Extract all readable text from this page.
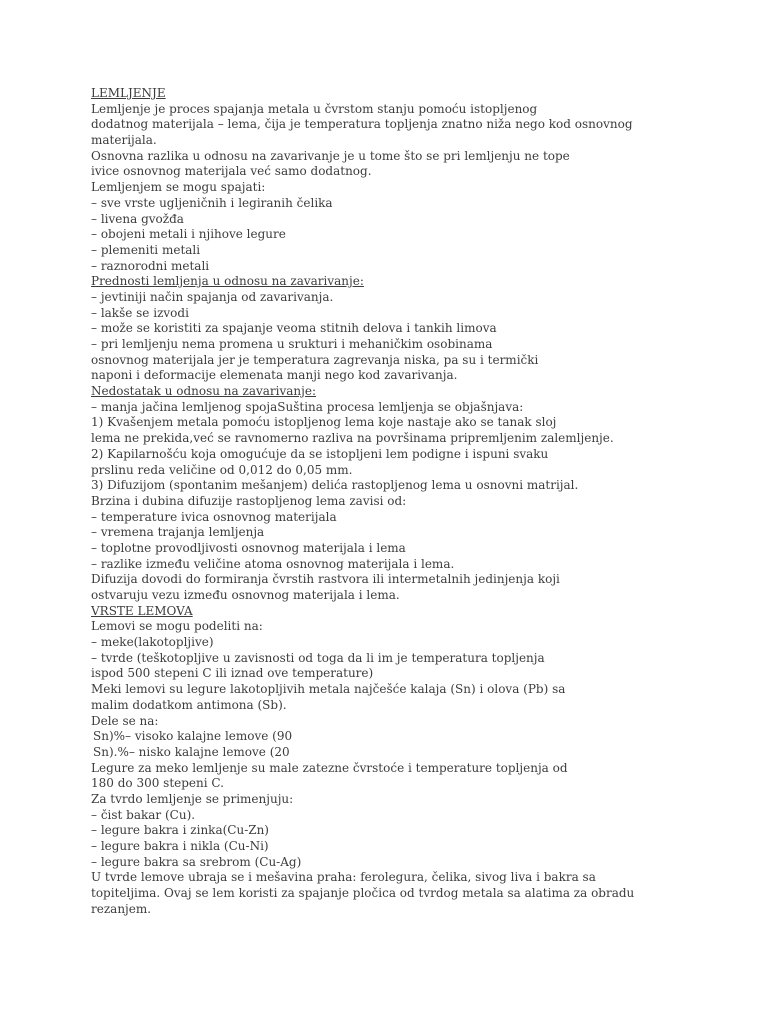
LEMLJENJE
Lemljenje je proces spajanja metala u čvrstom stanju pomoću istopljenog
dodatnog materijala – lema, čija je temperatura topljenja znatno niža nego kod osnovnog
materijala.
Osnovna razlika u odnosu na zavarivanje je u tome što se pri lemljenju ne tope
ivice osnovnog materijala već samo dodatnog.
Lemljenjem se mogu spajati:
– sve vrste ugljeničnih i legiranih čelika
– livena gvožđa
– obojeni metali i njihove legure
– plemeniti metali
– raznorodni metali
Prednosti lemljenja u odnosu na zavarivanje:
– jevtiniji način spajanja od zavarivanja.
– lakše se izvodi
– može se koristiti za spajanje veoma stitnih delova i tankih limova
– pri lemljenju nema promena u srukturi i mehaničkim osobinama
osnovnog materijala jer je temperatura zagrevanja niska, pa su i termički
naponi i deformacije elemenata manji nego kod zavarivanja.
Nedostatak u odnosu na zavarivanje:
– manja jačina lemljenog spojaSuština procesa lemljenja se objašnjava:
1) Kvašenjem metala pomoću istopljenog lema koje nastaje ako se tanak sloj
lema ne prekida,već se ravnomerno razliva na površinama pripremljenim zalemljenje.
2) Kapilarnošću koja omogućuje da se istopljeni lem podigne i ispuni svaku
prslinu reda veličine od 0,012 do 0,05 mm.
3) Difuzijom (spontanim mešanjem) delića rastopljenog lema u osnovni matrijal.
Brzina i dubina difuzije rastopljenog lema zavisi od:
– temperature ivica osnovnog materijala
– vremena trajanja lemljenja
– toplotne provodljivosti osnovnog materijala i lema
– razlike između veličine atoma osnovnog materijala i lema.
Difuzija dovodi do formiranja čvrstih rastvora ili intermetalnih jedinjenja koji
ostvaruju vezu između osnovnog materijala i lema.
VRSTE LEMOVA
Lemovi se mogu podeliti na:
– meke(lakotopljive)
– tvrde (teškotopljive u zavisnosti od toga da li im je temperatura topljenja
ispod 500 stepeni C ili iznad ove temperature)
Meki lemovi su legure lakotopljivih metala najčešće kalaja (Sn) i olova (Pb) sa
malim dodatkom antimona (Sb).
Dele se na:
Sn)%– visoko kalajne lemove (90
Sn).%– nisko kalajne lemove (20
Legure za meko lemljenje su male zatezne čvrstoće i temperature topljenja od
180 do 300 stepeni C.
Za tvrdo lemljenje se primenjuju:
– čist bakar (Cu).
– legure bakra i zinka(Cu-Zn)
– legure bakra i nikla (Cu-Ni)
– legure bakra sa srebrom (Cu-Ag)
U tvrde lemove ubraja se i mešavina praha: ferolegura, čelika, sivog liva i bakra sa
topiteljima. Ovaj se lem koristi za spajanje pločica od tvrdog metala sa alatima za obradu
rezanjem.
